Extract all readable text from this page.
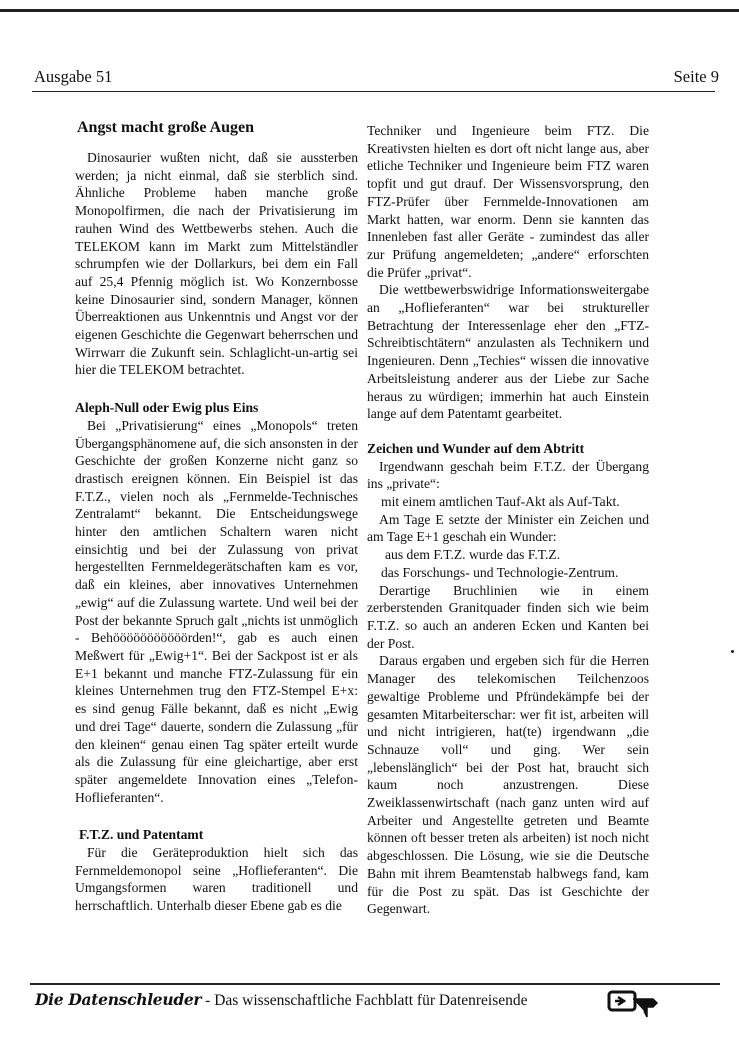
Ausgabe 51	Seite 9
Angst macht große Augen

Dinosaurier wußten nicht, daß sie aussterben werden; ja nicht einmal, daß sie sterblich sind. Ähnliche Probleme haben manche große Monopolfirmen, die nach der Privatisierung im rauhen Wind des Wettbewerbs stehen. Auch die TELEKOM kann im Markt zum Mittelständler schrumpfen wie der Dollarkurs, bei dem ein Fall auf 25,4 Pfennig möglich ist. Wo Konzernbosse keine Dinosaurier sind, sondern Manager, können Überreaktionen aus Unkenntnis und Angst vor der eigenen Geschichte die Gegenwart beherrschen und Wirrwarr die Zukunft sein. Schlaglicht-un-artig sei hier die TELEKOM betrachtet.

Aleph-Null oder Ewig plus Eins

Bei „Privatisierung“ eines „Monopols“ treten Übergangsphänomene auf, die sich ansonsten in der Geschichte der großen Konzerne nicht ganz so drastisch ereignen können. Ein Beispiel ist das F.T.Z., vielen noch als „Fernmelde-Technisches Zentralamt“ bekannt. Die Entscheidungswege hinter den amtlichen Schaltern waren nicht einsichtig und bei der Zulassung von privat hergestellten Fernmeldegerätschaften kam es vor, daß ein kleines, aber innovatives Unternehmen „ewig“ auf die Zulassung wartete. Und weil bei der Post der bekannte Spruch galt „nichts ist unmöglich - Behööööööööööörden!“, gab es auch einen Meßwert für „Ewig+1“. Bei der Sackpost ist er als E+1 bekannt und manche FTZ-Zulassung für ein kleines Unternehmen trug den FTZ-Stempel E+x: es sind genug Fälle bekannt, daß es nicht „Ewig und drei Tage“ dauerte, sondern die Zulassung „für den kleinen“ genau einen Tag später erteilt wurde als die Zulassung für eine gleichartige, aber erst später angemeldete Innovation eines „Telefon-Hoflieferanten“.

F.T.Z. und Patentamt

Für die Geräteproduktion hielt sich das Fernmeldemonopol seine „Hoflieferanten“. Die Umgangsformen waren traditionell und herrschaftlich. Unterhalb dieser Ebene gab es die

Techniker und Ingenieure beim FTZ. Die Kreativsten hielten es dort oft nicht lange aus, aber etliche Techniker und Ingenieure beim FTZ waren topfit und gut drauf. Der Wissensvorsprung, den FTZ-Prüfer über Fernmelde-Innovationen am Markt hatten, war enorm. Denn sie kannten das Innenleben fast aller Geräte - zumindest das aller zur Prüfung angemeldeten; „andere“ erforschten die Prüfer „privat“.

Die wettbewerbswidrige Informationsweitergabe an „Hoflieferanten“ war bei struktureller Betrachtung der Interessenlage eher den „FTZ-Schreibtischtätern“ anzulasten als Technikern und Ingenieuren. Denn „Techies“ wissen die innovative Arbeitsleistung anderer aus der Liebe zur Sache heraus zu würdigen; immerhin hat auch Einstein lange auf dem Patentamt gearbeitet.

Zeichen und Wunder auf dem Abtritt

Irgendwann geschah beim F.T.Z. der Übergang ins „private“:

mit einem amtlichen Tauf-Akt als Auf-Takt.

Am Tage E setzte der Minister ein Zeichen und am Tage E+1 geschah ein Wunder:

aus dem F.T.Z. wurde das F.T.Z.

das Forschungs- und Technologie-Zentrum.

Derartige Bruchlinien wie in einem zerberstenden Granitquader finden sich wie beim F.T.Z. so auch an anderen Ecken und Kanten bei der Post.

Daraus ergaben und ergeben sich für die Herren Manager des telekomischen Teilchenzoos gewaltige Probleme und Pfründekämpfe bei der gesamten Mitarbeiterschar: wer fit ist, arbeiten will und nicht intrigieren, hat(te) irgendwann „die Schnauze voll“ und ging. Wer sein „lebenslänglich“ bei der Post hat, braucht sich kaum noch anzustrengen. Diese Zweiklassenwirtschaft (nach ganz unten wird auf Arbeiter und Angestellte getreten und Beamte können oft besser treten als arbeiten) ist noch nicht abgeschlossen. Die Lösung, wie sie die Deutsche Bahn mit ihrem Beamtenstab halbwegs fand, kam für die Post zu spät. Das ist Geschichte der Gegenwart.

Die Datenschleuder - Das wissenschaftliche Fachblatt für Datenreisende
